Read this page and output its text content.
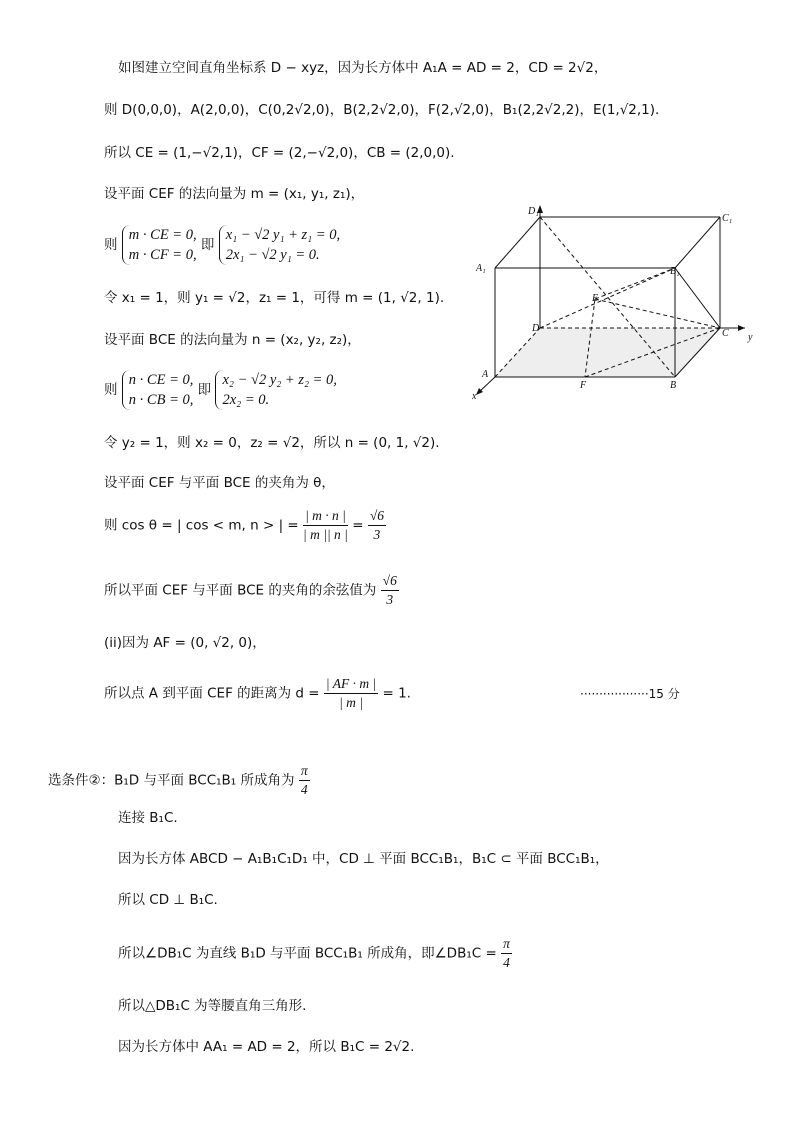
如图建立空间直角坐标系 D − xyz，因为长方体中 A₁A = AD = 2，CD = 2√2，
则 D(0,0,0)，A(2,0,0)，C(0,2√2,0)，B(2,2√2,0)，F(2,√2,0)，B₁(2,2√2,2)，E(1,√2,1).
所以 CE = (1,−√2,1)，CF = (2,−√2,0)，CB = (2,0,0).
设平面 CEF 的法向量为 m = (x₁, y₁, z₁)，
则
m · CE = 0,
m · CF = 0,
即
x₁ − √2 y₁ + z₁ = 0,
2x₁ − √2 y₁ = 0.
令 x₁ = 1，则 y₁ = √2，z₁ = 1，可得 m = (1, √2, 1).
设平面 BCE 的法向量为 n = (x₂, y₂, z₂)，
则
n · CE = 0,
n · CB = 0,
即
x₂ − √2 y₂ + z₂ = 0,
2x₂ = 0.
令 y₂ = 1，则 x₂ = 0，z₂ = √2，所以 n = (0, 1, √2).
设平面 CEF 与平面 BCE 的夹角为 θ，
则 cos θ = | cos < m, n > | = $\frac{| m \cdot n |}{| m || n |} = \frac{√6}{3}$
所以平面 CEF 与平面 BCE 的夹角的余弦值为 $\frac{√6}{3}$
(ii)因为 AF = (0, √2, 0)，
所以点 A 到平面 CEF 的距离为 $d = \frac{| AF \cdot m |}{| m |} = 1$.	··················15 分
选条件②：B₁D 与平面 BCC₁B₁ 所成角为 $\frac{\pi}{4}$
连接 B₁C.
因为长方体 ABCD − A₁B₁C₁D₁ 中，CD ⊥ 平面 BCC₁B₁，B₁C ⊂ 平面 BCC₁B₁，
所以 CD ⊥ B₁C.
所以∠DB₁C 为直线 B₁D 与平面 BCC₁B₁ 所成角，即∠DB₁C = $\frac{\pi}{4}$
所以△DB₁C 为等腰直角三角形.
因为长方体中 AA₁ = AD = 2，所以 B₁C = 2√2.
D₁
C₁
A₁	B₁
E
D	C y
A
F	B
x
